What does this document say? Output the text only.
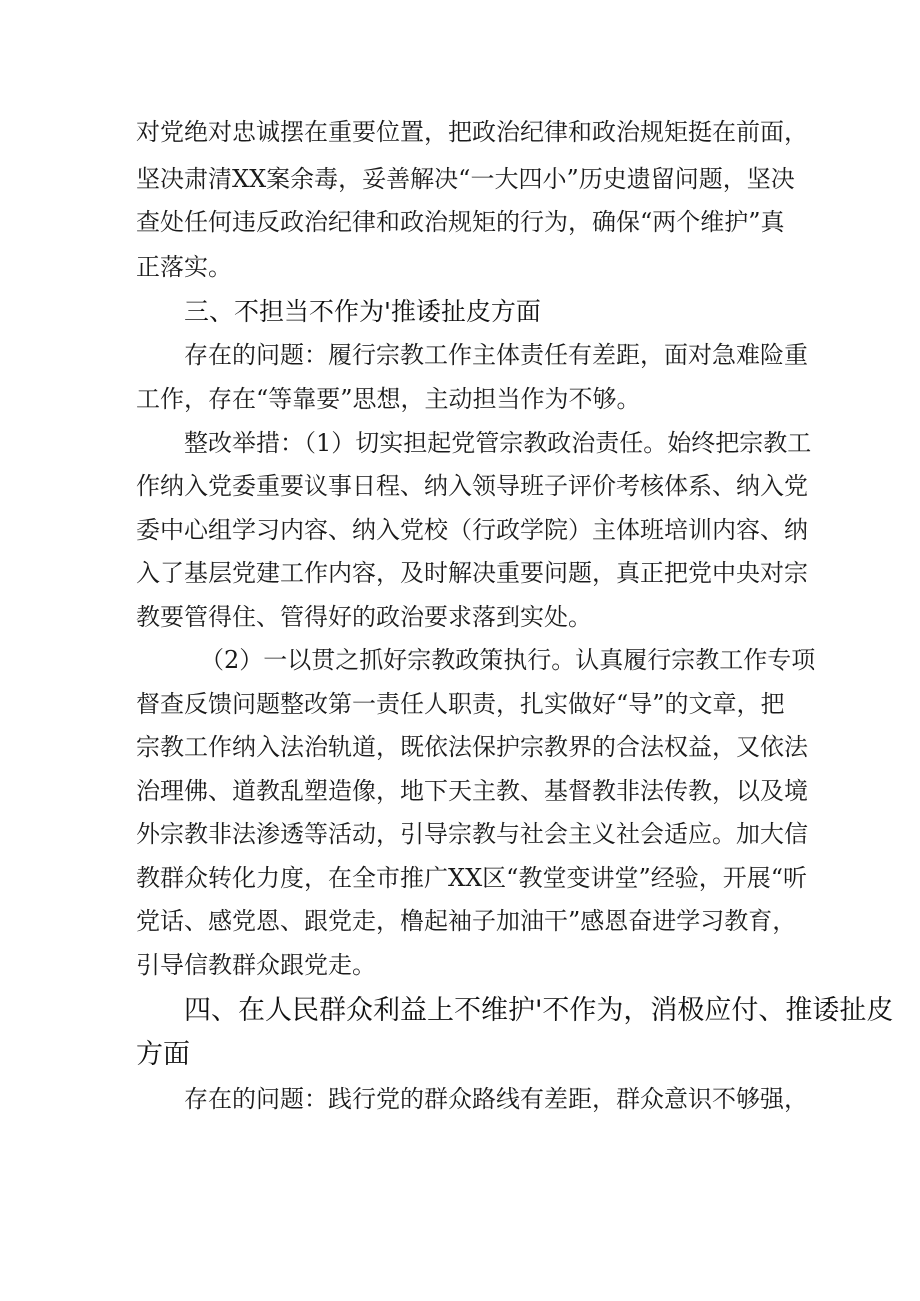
对党绝对忠诚摆在重要位置，把政治纪律和政治规矩挺在前面，
坚决肃清XX案余毒，妥善解决“一大四小”历史遗留问题，坚决
查处任何违反政治纪律和政治规矩的行为，确保“两个维护”真
正落实。
三、不担当不作为'推诿扯皮方面
存在的问题：履行宗教工作主体责任有差距，面对急难险重
工作，存在“等靠要”思想，主动担当作为不够。
整改举措：（1）切实担起党管宗教政治责任。始终把宗教工
作纳入党委重要议事日程、纳入领导班子评价考核体系、纳入党
委中心组学习内容、纳入党校（行政学院）主体班培训内容、纳
入了基层党建工作内容，及时解决重要问题，真正把党中央对宗
教要管得住、管得好的政治要求落到实处。
（2）一以贯之抓好宗教政策执行。认真履行宗教工作专项
督查反馈问题整改第一责任人职责，扎实做好“导”的文章，把
宗教工作纳入法治轨道，既依法保护宗教界的合法权益，又依法
治理佛、道教乱塑造像，地下天主教、基督教非法传教，以及境
外宗教非法渗透等活动，引导宗教与社会主义社会适应。加大信
教群众转化力度，在全市推广XX区“教堂变讲堂”经验，开展“听
党话、感党恩、跟党走，橹起袖子加油干”感恩奋进学习教育，
引导信教群众跟党走。
四、在人民群众利益上不维护'不作为，消极应付、推诿扯皮
方面
存在的问题：践行党的群众路线有差距，群众意识不够强，
